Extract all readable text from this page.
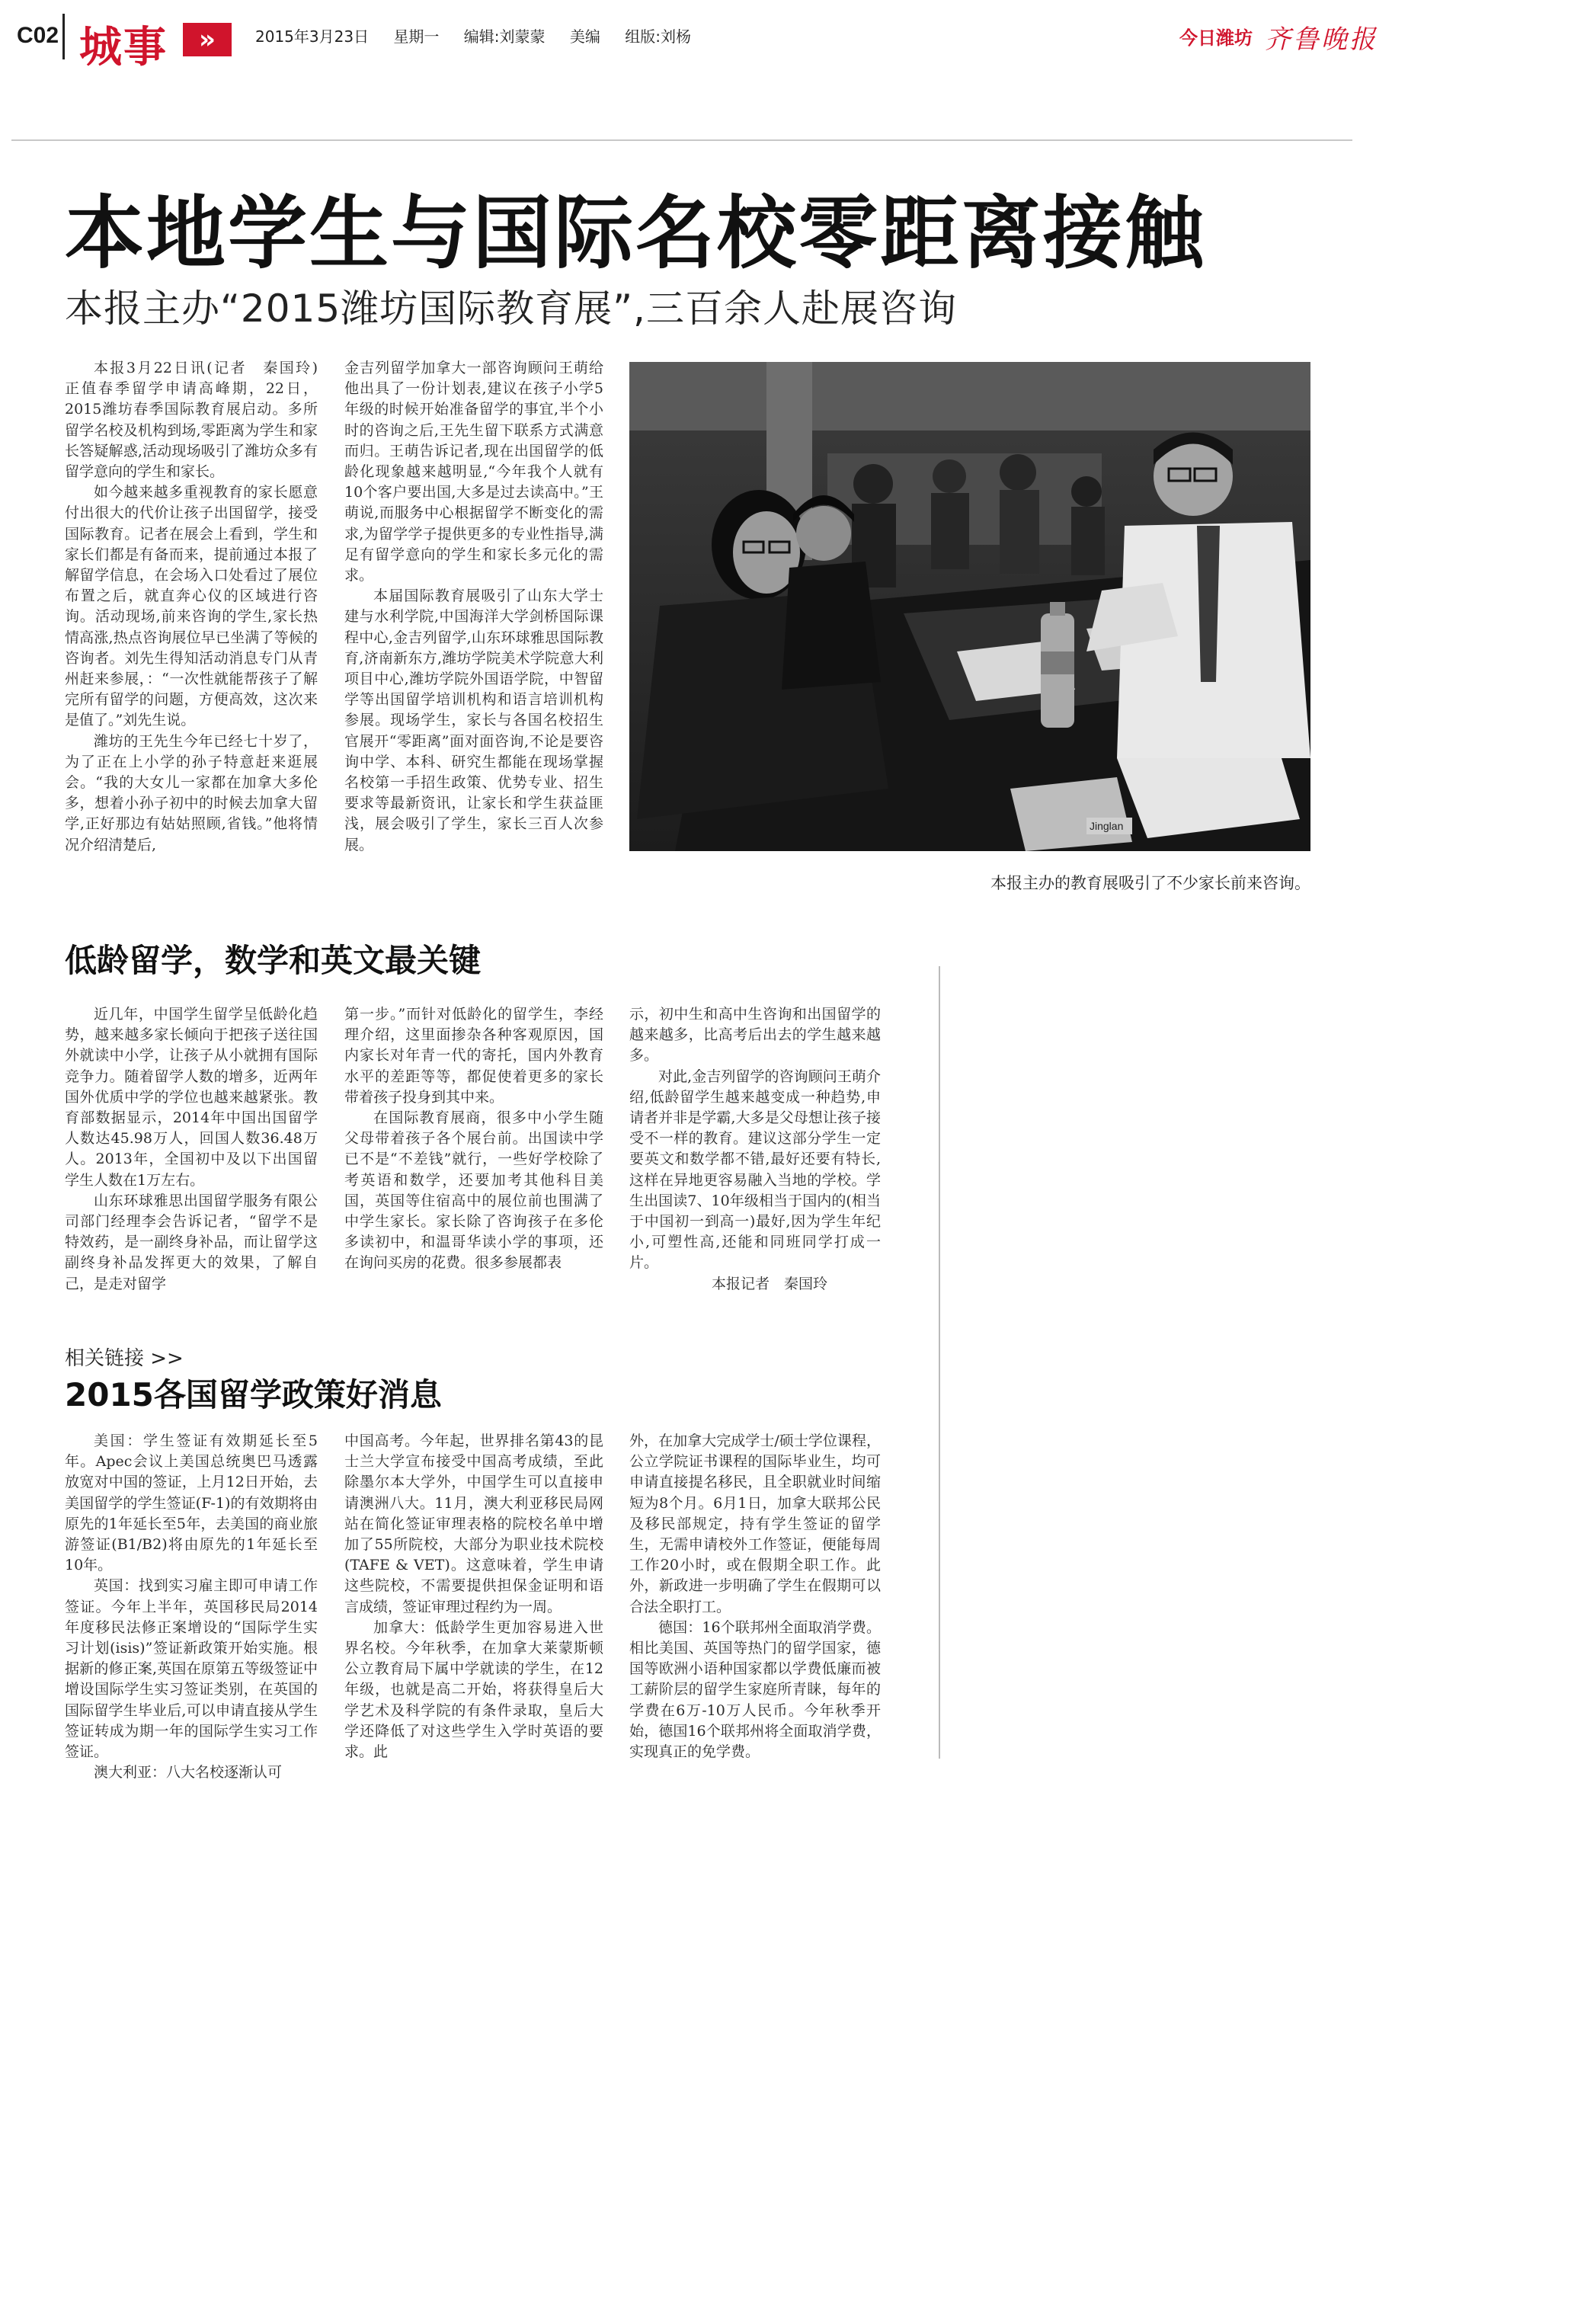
C02 城事	»	2015年3月23日 星期一 编辑:刘蒙蒙 美编 组版:刘杨	今日潍坊 齐鲁晚报
本地学生与国际名校零距离接触
本报主办“2015潍坊国际教育展”,三百余人赴展咨询

本报3月22日讯(记者　秦国玲)　正值春季留学申请高峰期，22日，2015潍坊春季国际教育展启动。多所留学名校及机构到场,零距离为学生和家长答疑解惑,活动现场吸引了潍坊众多有留学意向的学生和家长。

如今越来越多重视教育的家长愿意付出很大的代价让孩子出国留学，接受国际教育。记者在展会上看到，学生和家长们都是有备而来，提前通过本报了解留学信息，在会场入口处看过了展位布置之后，就直奔心仪的区域进行咨询。活动现场,前来咨询的学生,家长热情高涨,热点咨询展位早已坐满了等候的咨询者。刘先生得知活动消息专门从青州赶来参展，：“一次性就能帮孩子了解完所有留学的问题，方便高效，这次来是值了。”刘先生说。

潍坊的王先生今年已经七十岁了，为了正在上小学的孙子特意赶来逛展会。“我的大女儿一家都在加拿大多伦多，想着小孙子初中的时候去加拿大留学,正好那边有姑姑照顾,省钱。”他将情况介绍清楚后,

金吉列留学加拿大一部咨询顾问王萌给他出具了一份计划表,建议在孩子小学5年级的时候开始准备留学的事宜,半个小时的咨询之后,王先生留下联系方式满意而归。王萌告诉记者,现在出国留学的低龄化现象越来越明显,“今年我个人就有10个客户要出国,大多是过去读高中。”王萌说,而服务中心根据留学不断变化的需求,为留学学子提供更多的专业性指导,满足有留学意向的学生和家长多元化的需求。

本届国际教育展吸引了山东大学士建与水利学院,中国海洋大学剑桥国际课程中心,金吉列留学,山东环球雅思国际教育,济南新东方,潍坊学院美术学院意大利项目中心,潍坊学院外国语学院，中智留学等出国留学培训机构和语言培训机构参展。现场学生，家长与各国名校招生官展开“零距离”面对面咨询,不论是要咨询中学、本科、研究生都能在现场掌握名校第一手招生政策、优势专业、招生要求等最新资讯，让家长和学生获益匪浅，展会吸引了学生，家长三百人次参展。

Jinglan
本报主办的教育展吸引了不少家长前来咨询。
低龄留学，数学和英文最关键

近几年，中国学生留学呈低龄化趋势，越来越多家长倾向于把孩子送往国外就读中小学，让孩子从小就拥有国际竞争力。随着留学人数的增多，近两年国外优质中学的学位也越来越紧张。教育部数据显示，2014年中国出国留学人数达45.98万人，回国人数36.48万人。2013年，全国初中及以下出国留学生人数在1万左右。

山东环球雅思出国留学服务有限公司部门经理李会告诉记者，“留学不是特效药，是一副终身补品，而让留学这副终身补品发挥更大的效果，了解自己，是走对留学

第一步。”而针对低龄化的留学生，李经理介绍，这里面掺杂各种客观原因，国内家长对年青一代的寄托，国内外教育水平的差距等等，都促使着更多的家长带着孩子投身到其中来。

在国际教育展商，很多中小学生随父母带着孩子各个展台前。出国读中学已不是“不差钱”就行，一些好学校除了考英语和数学，还要加考其他科目美国，英国等住宿高中的展位前也围满了中学生家长。家长除了咨询孩子在多伦多读初中，和温哥华读小学的事项，还在询问买房的花费。很多参展都表

示，初中生和高中生咨询和出国留学的越来越多，比高考后出去的学生越来越多。

对此,金吉列留学的咨询顾问王萌介绍,低龄留学生越来越变成一种趋势,申请者并非是学霸,大多是父母想让孩子接受不一样的教育。建议这部分学生一定要英文和数学都不错,最好还要有特长,这样在异地更容易融入当地的学校。学生出国读7、10年级相当于国内的(相当于中国初一到高一)最好,因为学生年纪小,可塑性高,还能和同班同学打成一片。

本报记者　秦国玲

相关链接 >>
2015各国留学政策好消息

美国：学生签证有效期延长至5年。Apec会议上美国总统奥巴马透露放宽对中国的签证，上月12日开始，去美国留学的学生签证(F-1)的有效期将由原先的1年延长至5年，去美国的商业旅游签证(B1/B2)将由原先的1年延长至10年。

英国：找到实习雇主即可申请工作签证。今年上半年，英国移民局2014年度移民法修正案增设的“国际学生实习计划(isis)”签证新政策开始实施。根据新的修正案,英国在原第五等级签证中增设国际学生实习签证类别，在英国的国际留学生毕业后,可以申请直接从学生签证转成为期一年的国际学生实习工作签证。

澳大利亚：八大名校逐渐认可

中国高考。今年起，世界排名第43的昆士兰大学宣布接受中国高考成绩，至此除墨尔本大学外，中国学生可以直接申请澳洲八大。11月，澳大利亚移民局网站在简化签证审理表格的院校名单中增加了55所院校，大部分为职业技术院校(TAFE & VET)。这意味着，学生申请这些院校，不需要提供担保金证明和语言成绩，签证审理过程约为一周。

加拿大：低龄学生更加容易进入世界名校。今年秋季，在加拿大莱蒙斯顿公立教育局下属中学就读的学生，在12年级，也就是高二开始，将获得皇后大学艺术及科学院的有条件录取，皇后大学还降低了对这些学生入学时英语的要求。此

外，在加拿大完成学士/硕士学位课程，公立学院证书课程的国际毕业生，均可申请直接提名移民，且全职就业时间缩短为8个月。6月1日，加拿大联邦公民及移民部规定，持有学生签证的留学生，无需申请校外工作签证，便能每周工作20小时，或在假期全职工作。此外，新政进一步明确了学生在假期可以合法全职打工。

德国：16个联邦州全面取消学费。相比美国、英国等热门的留学国家，德国等欧洲小语种国家都以学费低廉而被工薪阶层的留学生家庭所青睐，每年的学费在6万-10万人民币。今年秋季开始，德国16个联邦州将全面取消学费，实现真正的免学费。
